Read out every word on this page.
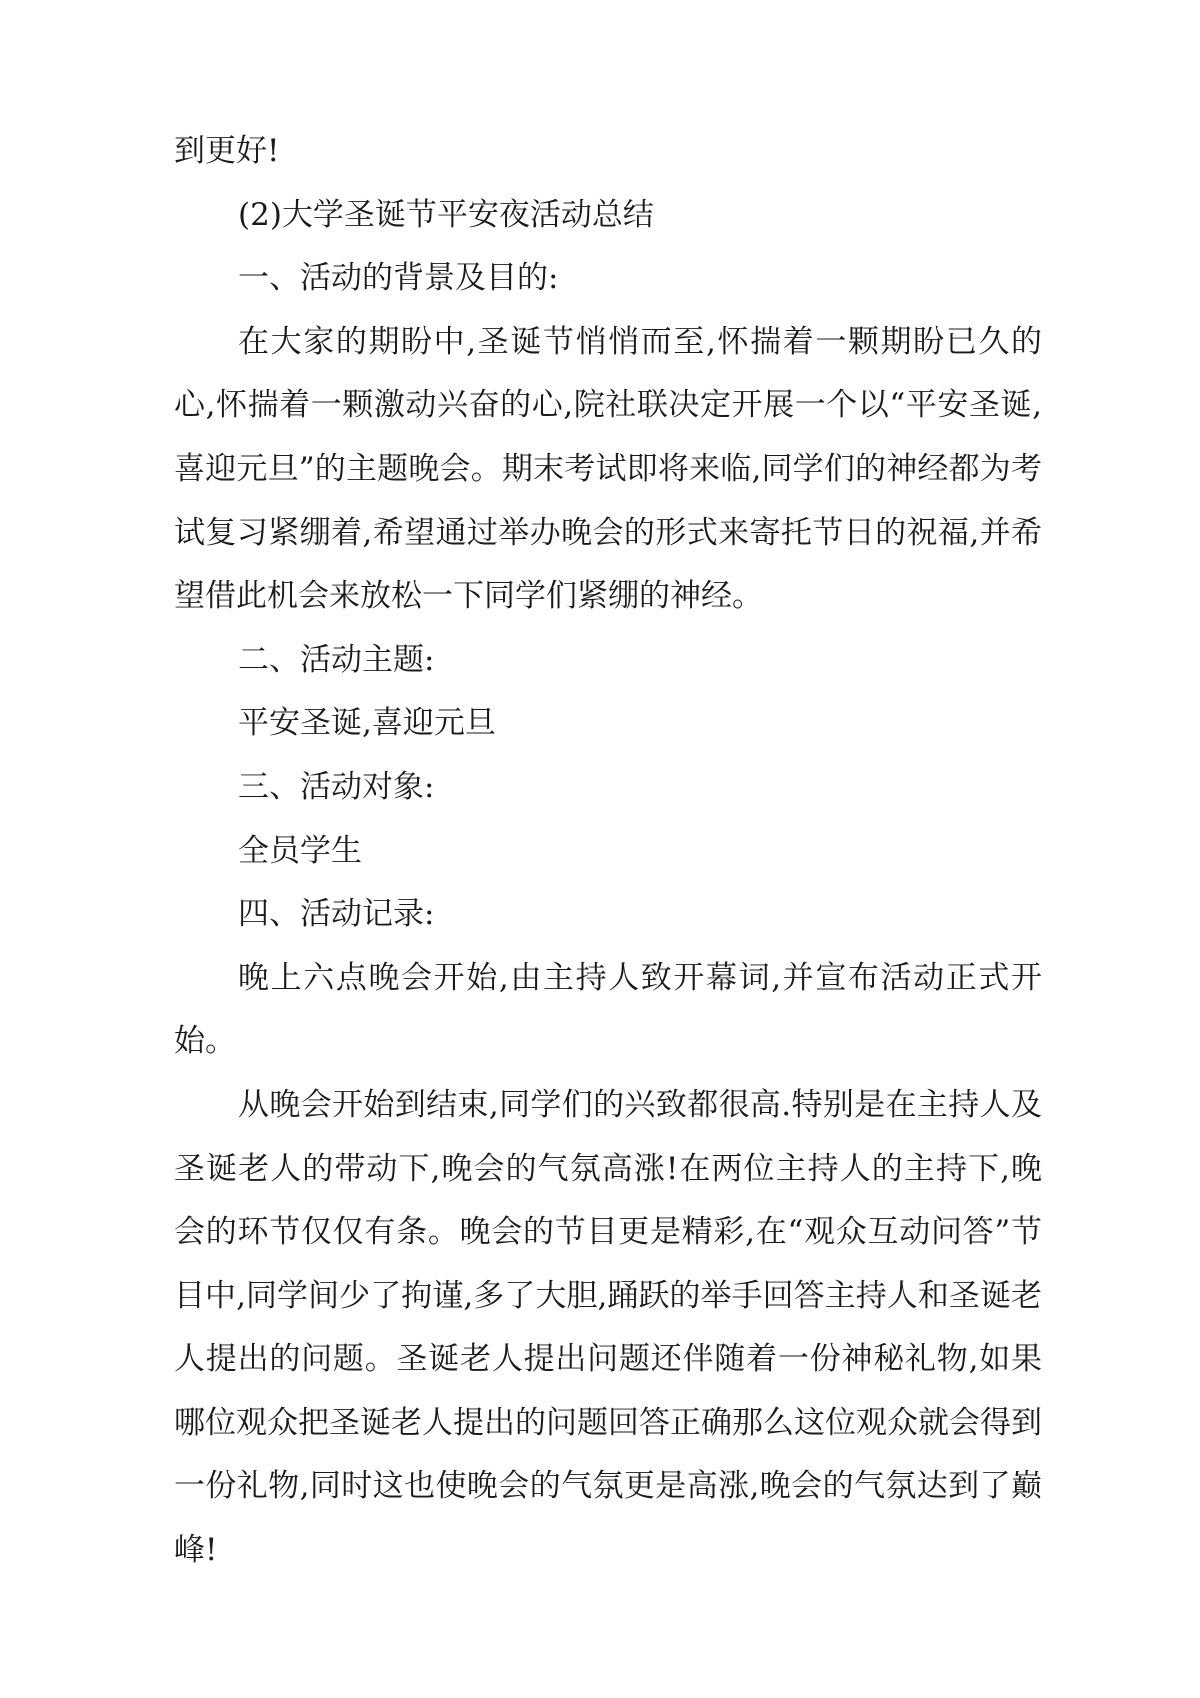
到更好!

(2)大学圣诞节平安夜活动总结

一、活动的背景及目的:

在大家的期盼中,圣诞节悄悄而至,怀揣着一颗期盼已久的心,怀揣着一颗激动兴奋的心,院社联决定开展一个以“平安圣诞,喜迎元旦”的主题晚会。期末考试即将来临,同学们的神经都为考试复习紧绷着,希望通过举办晚会的形式来寄托节日的祝福,并希望借此机会来放松一下同学们紧绷的神经。

二、活动主题:

平安圣诞,喜迎元旦

三、活动对象:

全员学生

四、活动记录:

晚上六点晚会开始,由主持人致开幕词,并宣布活动正式开始。

从晚会开始到结束,同学们的兴致都很高.特别是在主持人及圣诞老人的带动下,晚会的气氛高涨!在两位主持人的主持下,晚会的环节仅仅有条。晚会的节目更是精彩,在“观众互动问答”节目中,同学间少了拘谨,多了大胆,踊跃的举手回答主持人和圣诞老人提出的问题。圣诞老人提出问题还伴随着一份神秘礼物,如果哪位观众把圣诞老人提出的问题回答正确那么这位观众就会得到一份礼物,同时这也使晚会的气氛更是高涨,晚会的气氛达到了巅峰!
